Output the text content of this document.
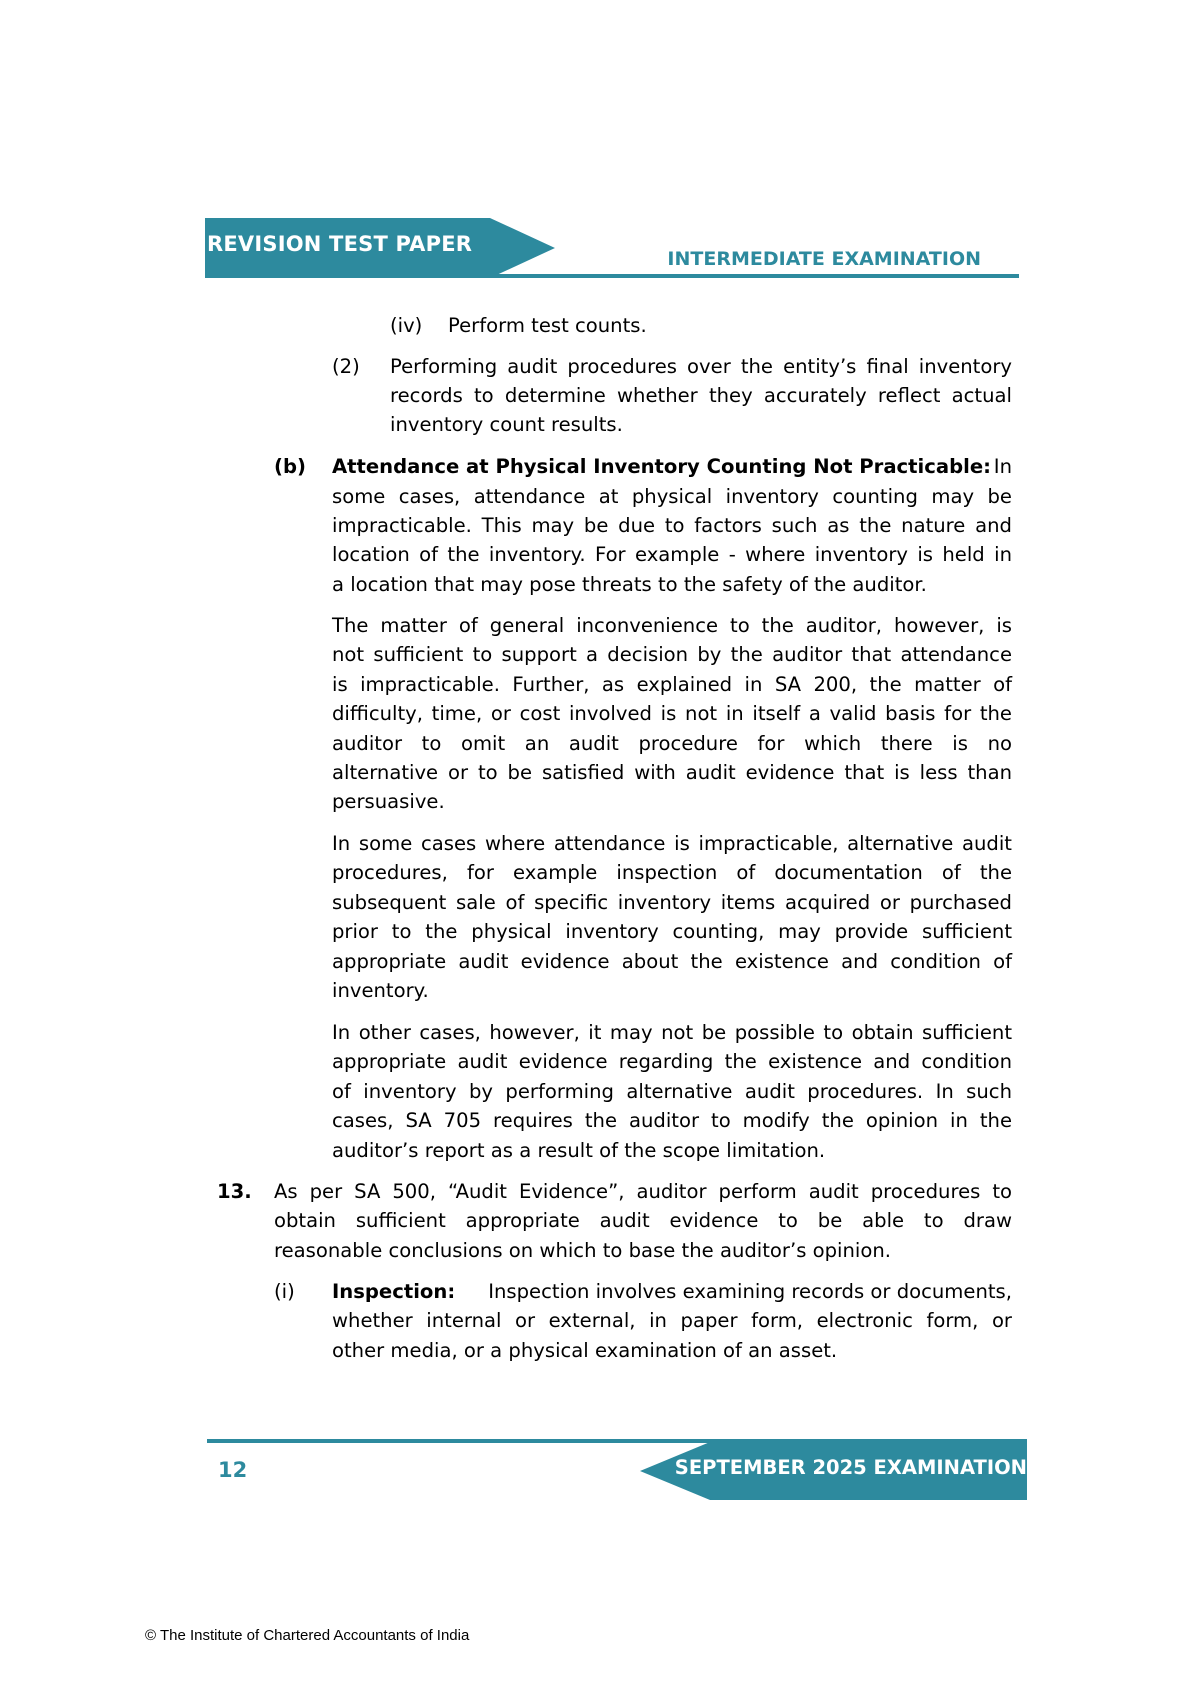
REVISION TEST PAPER
INTERMEDIATE EXAMINATION
(iv) Perform test counts.
(2) Performing audit procedures over the entity’s final inventory
records to determine whether they accurately reflect actual
inventory count results.
(b) Attendance at Physical Inventory Counting Not Practicable: In
some cases, attendance at physical inventory counting may be
impracticable. This may be due to factors such as the nature and
location of the inventory. For example - where inventory is held in
a location that may pose threats to the safety of the auditor.
The matter of general inconvenience to the auditor, however, is
not sufficient to support a decision by the auditor that attendance
is impracticable. Further, as explained in SA 200, the matter of
difficulty, time, or cost involved is not in itself a valid basis for the
auditor to omit an audit procedure for which there is no
alternative or to be satisfied with audit evidence that is less than
persuasive.
In some cases where attendance is impracticable, alternative audit
procedures, for example inspection of documentation of the
subsequent sale of specific inventory items acquired or purchased
prior to the physical inventory counting, may provide sufficient
appropriate audit evidence about the existence and condition of
inventory.
In other cases, however, it may not be possible to obtain sufficient
appropriate audit evidence regarding the existence and condition
of inventory by performing alternative audit procedures. In such
cases, SA 705 requires the auditor to modify the opinion in the
auditor’s report as a result of the scope limitation.
13. As per SA 500, “Audit Evidence”, auditor perform audit procedures to
obtain sufficient appropriate audit evidence to be able to draw
reasonable conclusions on which to base the auditor’s opinion.
(i) Inspection: Inspection involves examining records or documents,
whether internal or external, in paper form, electronic form, or
other media, or a physical examination of an asset.
SEPTEMBER 2025 EXAMINATION
12
© The Institute of Chartered Accountants of India
